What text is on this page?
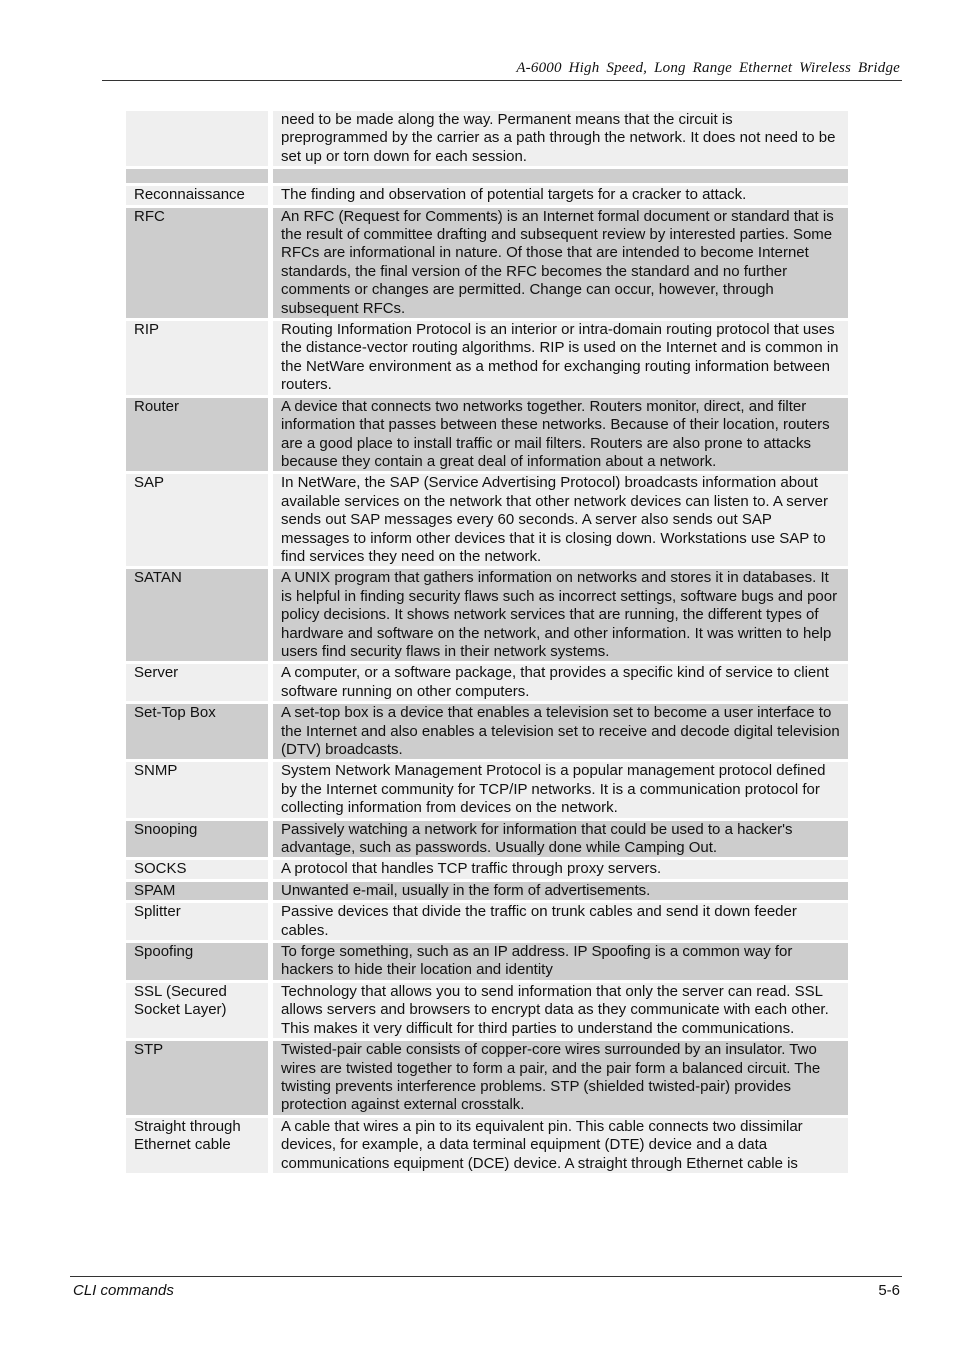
A-6000 High Speed, Long Range Ethernet Wireless Bridge
	need to be made along the way. Permanent means that the circuit is preprogrammed by the carrier as a path through the network. It does not need to be set up or torn down for each session.

Reconnaissance	The finding and observation of potential targets for a cracker to attack.
RFC	An RFC (Request for Comments) is an Internet formal document or standard that is the result of committee drafting and subsequent review by interested parties. Some RFCs are informational in nature. Of those that are intended to become Internet standards, the final version of the RFC becomes the standard and no further comments or changes are permitted. Change can occur, however, through subsequent RFCs.
RIP	Routing Information Protocol is an interior or intra-domain routing protocol that uses the distance-vector routing algorithms. RIP is used on the Internet and is common in the NetWare environment as a method for exchanging routing information between routers.
Router	A device that connects two networks together. Routers monitor, direct, and filter information that passes between these networks. Because of their location, routers are a good place to install traffic or mail filters. Routers are also prone to attacks because they contain a great deal of information about a network.
SAP	In NetWare, the SAP (Service Advertising Protocol) broadcasts information about available services on the network that other network devices can listen to. A server sends out SAP messages every 60 seconds. A server also sends out SAP messages to inform other devices that it is closing down. Workstations use SAP to find services they need on the network.
SATAN	A UNIX program that gathers information on networks and stores it in databases. It is helpful in finding security flaws such as incorrect settings, software bugs and poor policy decisions. It shows network services that are running, the different types of hardware and software on the network, and other information. It was written to help users find security flaws in their network systems.
Server	A computer, or a software package, that provides a specific kind of service to client software running on other computers.
Set-Top Box	A set-top box is a device that enables a television set to become a user interface to the Internet and also enables a television set to receive and decode digital television (DTV) broadcasts.
SNMP	System Network Management Protocol is a popular management protocol defined by the Internet community for TCP/IP networks. It is a communication protocol for collecting information from devices on the network.
Snooping	Passively watching a network for information that could be used to a hacker's advantage, such as passwords. Usually done while Camping Out.
SOCKS	A protocol that handles TCP traffic through proxy servers.
SPAM	Unwanted e-mail, usually in the form of advertisements.
Splitter	Passive devices that divide the traffic on trunk cables and send it down feeder cables.
Spoofing	To forge something, such as an IP address. IP Spoofing is a common way for hackers to hide their location and identity
SSL (Secured Socket Layer)	Technology that allows you to send information that only the server can read. SSL allows servers and browsers to encrypt data as they communicate with each other. This makes it very difficult for third parties to understand the communications.
STP	Twisted-pair cable consists of copper-core wires surrounded by an insulator. Two wires are twisted together to form a pair, and the pair form a balanced circuit. The twisting prevents interference problems. STP (shielded twisted-pair) provides protection against external crosstalk.
Straight through Ethernet cable	A cable that wires a pin to its equivalent pin. This cable connects two dissimilar devices, for example, a data terminal equipment (DTE) device and a data communications equipment (DCE) device. A straight through Ethernet cable is
CLI commands	5-6
